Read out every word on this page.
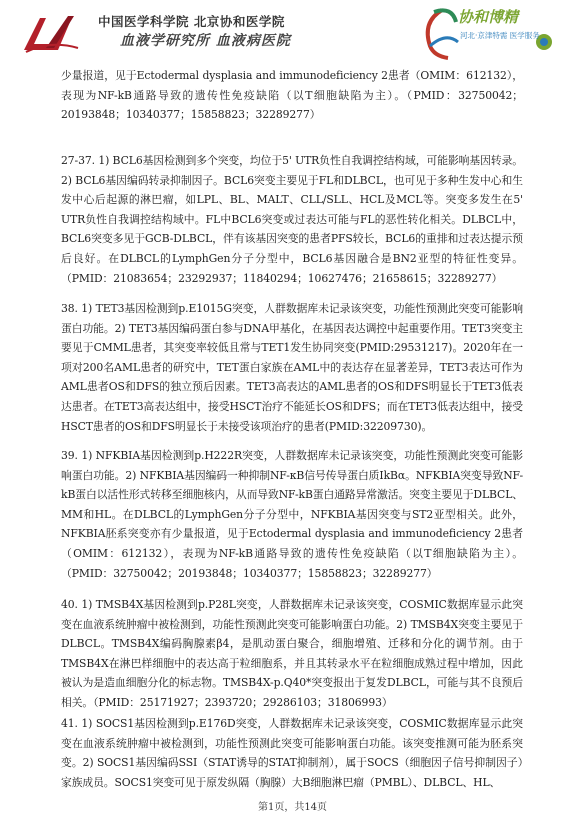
中国医学科学院 北京协和医学院
血液学研究所 血液病医院
协和博精
河北·京津特需 医学服务

少量报道，见于Ectodermal dysplasia and immunodeficiency 2患者（OMIM：612132），表现为NF-kB通路导致的遗传性免疫缺陷（以T细胞缺陷为主）。（PMID：32750042；20193848；10340377；15858823；32289277）

27-37. 1) BCL6基因检测到多个突变，均位于5' UTR负性自我调控结构域，可能影响基因转录。2) BCL6基因编码转录抑制因子。BCL6突变主要见于FL和DLBCL，也可见于多种生发中心和生发中心后起源的淋巴瘤，如LPL、BL、MALT、CLL/SLL、HCL及MCL等。突变多发生在5' UTR负性自我调控结构域中。FL中BCL6突变或过表达可能与FL的恶性转化相关。DLBCL中，BCL6突变多见于GCB-DLBCL，伴有该基因突变的患者PFS较长，BCL6的重排和过表达提示预后良好。在DLBCL的LymphGen分子分型中，BCL6基因融合是BN2亚型的特征性变异。（PMID：21083654；23292937；11840294；10627476；21658615；32289277）

38. 1) TET3基因检测到p.E1015G突变，人群数据库未记录该突变，功能性预测此突变可能影响蛋白功能。2) TET3基因编码蛋白参与DNA甲基化，在基因表达调控中起重要作用。TET3突变主要见于CMML患者，其突变率较低且常与TET1发生协同突变(PMID:29531217)。2020年在一项对200名AML患者的研究中，TET蛋白家族在AML中的表达存在显著差异，TET3表达可作为AML患者OS和DFS的独立预后因素。TET3高表达的AML患者的OS和DFS明显长于TET3低表达患者。在TET3高表达组中，接受HSCT治疗不能延长OS和DFS；而在TET3低表达组中，接受HSCT患者的OS和DFS明显长于未接受该项治疗的患者(PMID:32209730)。

39. 1) NFKBIA基因检测到p.H222R突变，人群数据库未记录该突变，功能性预测此突变可能影响蛋白功能。2) NFKBIA基因编码一种抑制NF-κB信号传导蛋白质IkBα。NFKBIA突变导致NF-kB蛋白以活性形式转移至细胞核内，从而导致NF-kB蛋白通路异常激活。突变主要见于DLBCL、MM和HL。在DLBCL的LymphGen分子分型中，NFKBIA基因突变与ST2亚型相关。此外，NFKBIA胚系突变亦有少量报道，见于Ectodermal dysplasia and immunodeficiency 2患者（OMIM：612132），表现为NF-kB通路导致的遗传性免疫缺陷（以T细胞缺陷为主）。（PMID：32750042；20193848；10340377；15858823；32289277）

40. 1) TMSB4X基因检测到p.P28L突变，人群数据库未记录该突变，COSMIC数据库显示此突变在血液系统肿瘤中被检测到，功能性预测此突变可能影响蛋白功能。2) TMSB4X突变主要见于DLBCL。TMSB4X编码胸腺素β4，是肌动蛋白聚合，细胞增殖、迁移和分化的调节剂。由于TMSB4X在淋巴样细胞中的表达高于粒细胞系，并且其转录水平在粒细胞成熟过程中增加，因此被认为是造血细胞分化的标志物。TMSB4X-p.Q40*突变报出于复发DLBCL，可能与其不良预后相关。（PMID：25171927；2393720；29286103；31806993）

41. 1) SOCS1基因检测到p.E176D突变，人群数据库未记录该突变，COSMIC数据库显示此突变在血液系统肿瘤中被检测到，功能性预测此突变可能影响蛋白功能。该突变推测可能为胚系突变。2) SOCS1基因编码SSI（STAT诱导的STAT抑制剂），属于SOCS（细胞因子信号抑制因子）家族成员。SOCS1突变可见于原发纵隔（胸腺）大B细胞淋巴瘤（PMBL）、DLBCL、HL、

第1页，共14页
